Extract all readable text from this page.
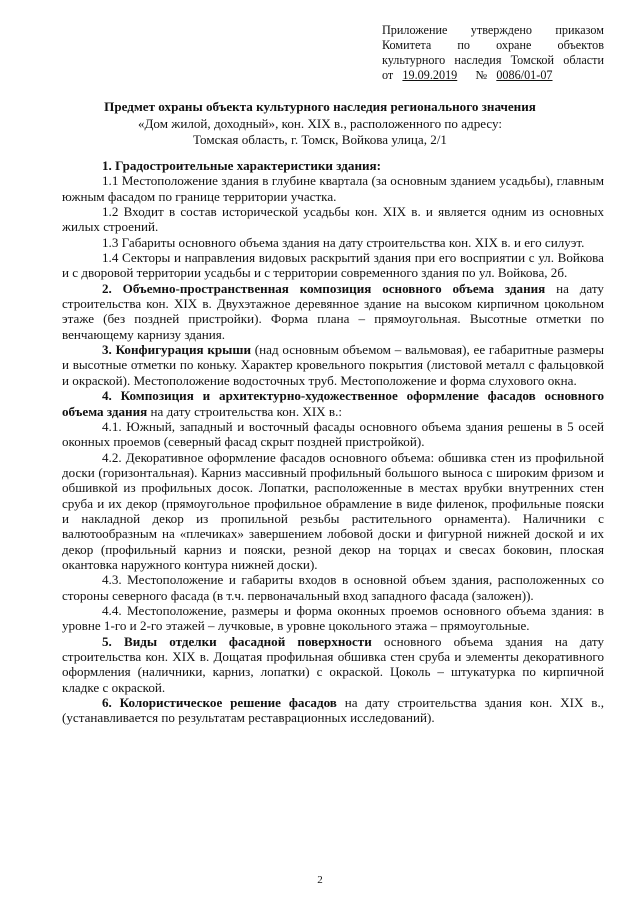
Приложение утверждено приказом
Комитета по охране объектов
культурного наследия Томской области
от 19.09.2019 № 0086/01-07
Предмет охраны объекта культурного наследия регионального значения
«Дом жилой, доходный», кон. XIX в., расположенного по адресу:
Томская область, г. Томск, Войкова улица, 2/1

1. Градостроительные характеристики здания:

1.1 Местоположение здания в глубине квартала (за основным зданием усадьбы), главным южным фасадом по границе территории участка.

1.2 Входит в состав исторической усадьбы кон. XIX в. и является одним из основных жилых строений.

1.3 Габариты основного объема здания на дату строительства кон. XIX в. и его силуэт.

1.4 Секторы и направления видовых раскрытий здания при его восприятии с ул. Войкова и с дворовой территории усадьбы и с территории современного здания по ул. Войкова, 2б.

2. Объемно-пространственная композиция основного объема здания на дату строительства кон. XIX в. Двухэтажное деревянное здание на высоком кирпичном цокольном этаже (без поздней пристройки). Форма плана – прямоугольная. Высотные отметки по венчающему карнизу здания.

3. Конфигурация крыши (над основным объемом – вальмовая), ее габаритные размеры и высотные отметки по коньку. Характер кровельного покрытия (листовой металл с фальцовкой и окраской). Местоположение водосточных труб. Местоположение и форма слухового окна.

4. Композиция и архитектурно-художественное оформление фасадов основного объема здания на дату строительства кон. XIX в.:

4.1. Южный, западный и восточный фасады основного объема здания решены в 5 осей оконных проемов (северный фасад скрыт поздней пристройкой).

4.2. Декоративное оформление фасадов основного объема: обшивка стен из профильной доски (горизонтальная). Карниз массивный профильный большого выноса с широким фризом и обшивкой из профильных досок. Лопатки, расположенные в местах врубки внутренних стен сруба и их декор (прямоугольное профильное обрамление в виде филенок, профильные пояски и накладной декор из пропильной резьбы растительного орнамента). Наличники с валютообразным на «плечиках» завершением лобовой доски и фигурной нижней доской и их декор (профильный карниз и пояски, резной декор на торцах и свесах боковин, плоская окантовка наружного контура нижней доски).

4.3. Местоположение и габариты входов в основной объем здания, расположенных со стороны северного фасада (в т.ч. первоначальный вход западного фасада (заложен)).

4.4. Местоположение, размеры и форма оконных проемов основного объема здания: в уровне 1-го и 2-го этажей – лучковые, в уровне цокольного этажа – прямоугольные.

5. Виды отделки фасадной поверхности основного объема здания на дату строительства кон. XIX в. Дощатая профильная обшивка стен сруба и элементы декоративного оформления (наличники, карниз, лопатки) с окраской. Цоколь – штукатурка по кирпичной кладке с окраской.

6. Колористическое решение фасадов на дату строительства здания кон. XIX в., (устанавливается по результатам реставрационных исследований).

2
